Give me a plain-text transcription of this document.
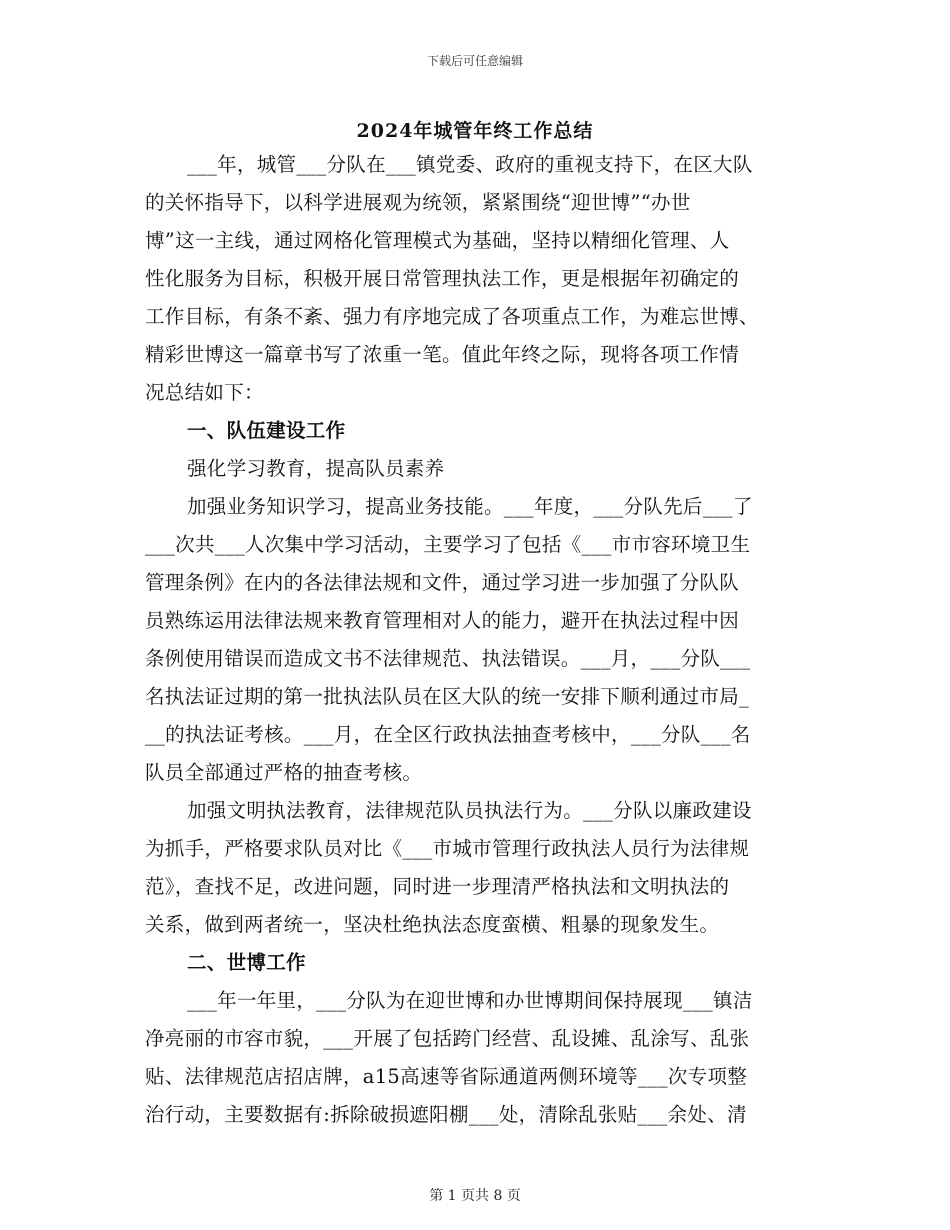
下载后可任意编辑
2024年城管年终工作总结
___年，城管___分队在___镇党委、政府的重视支持下，在区大队
的关怀指导下，以科学进展观为统领，紧紧围绕“迎世博”“办世
博”这一主线，通过网格化管理模式为基础，坚持以精细化管理、人
性化服务为目标，积极开展日常管理执法工作，更是根据年初确定的
工作目标，有条不紊、强力有序地完成了各项重点工作，为难忘世博、
精彩世博这一篇章书写了浓重一笔。值此年终之际，现将各项工作情
况总结如下：
一、队伍建设工作
强化学习教育，提高队员素养
加强业务知识学习，提高业务技能。___年度，___分队先后___了
___次共___人次集中学习活动，主要学习了包括《___市市容环境卫生
管理条例》在内的各法律法规和文件，通过学习进一步加强了分队队
员熟练运用法律法规来教育管理相对人的能力，避开在执法过程中因
条例使用错误而造成文书不法律规范、执法错误。___月，___分队___
名执法证过期的第一批执法队员在区大队的统一安排下顺利通过市局_
__的执法证考核。___月，在全区行政执法抽查考核中，___分队___名
队员全部通过严格的抽查考核。
加强文明执法教育，法律规范队员执法行为。___分队以廉政建设
为抓手，严格要求队员对比《___市城市管理行政执法人员行为法律规
范》，查找不足，改进问题，同时进一步理清严格执法和文明执法的
关系，做到两者统一，坚决杜绝执法态度蛮横、粗暴的现象发生。
二、世博工作
___年一年里，___分队为在迎世博和办世博期间保持展现___镇洁
净亮丽的市容市貌，___开展了包括跨门经营、乱设摊、乱涂写、乱张
贴、法律规范店招店牌，a15高速等省际通道两侧环境等___次专项整
治行动，主要数据有:拆除破损遮阳棚___处，清除乱张贴___余处、清
第 1 页共 8 页
